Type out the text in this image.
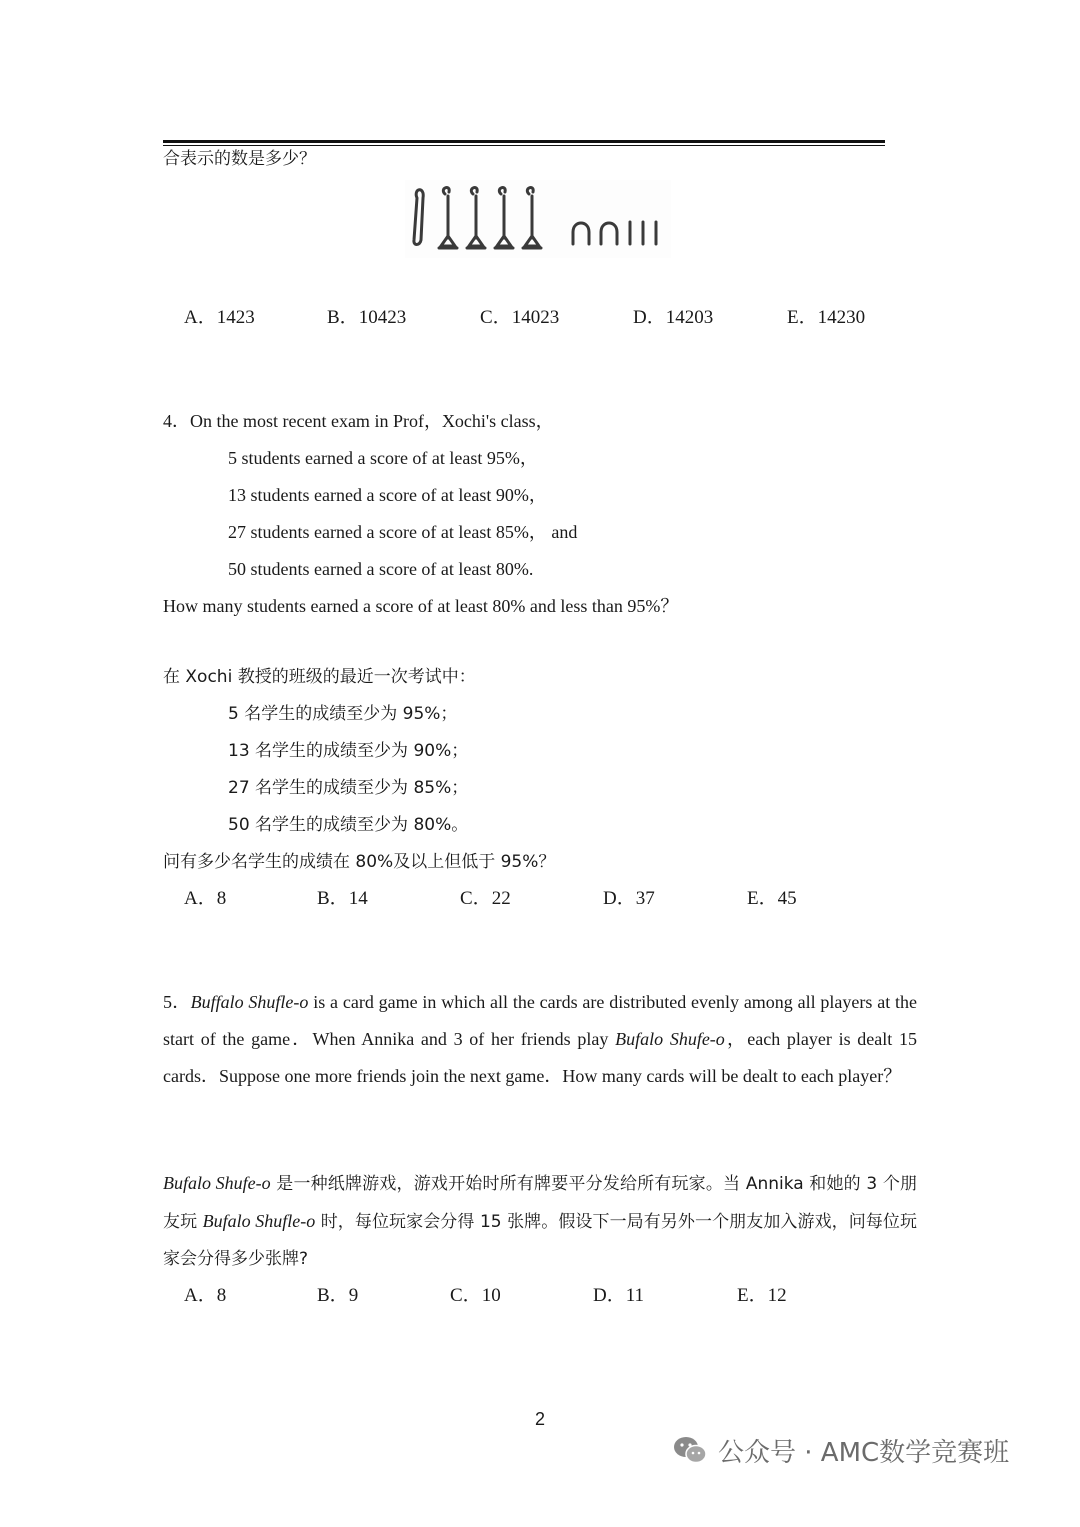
合表示的数是多少？
A．1423	B．10423	C．14023	D．14203	E．14230
4．On the most recent exam in Prof，Xochi's class，
5 students earned a score of at least 95%，
13 students earned a score of at least 90%，
27 students earned a score of at least 85%， and
50 students earned a score of at least 80%.
How many students earned a score of at least 80% and less than 95%？
在 Xochi 教授的班级的最近一次考试中：
5 名学生的成绩至少为 95%；
13 名学生的成绩至少为 90%；
27 名学生的成绩至少为 85%；
50 名学生的成绩至少为 80%。
问有多少名学生的成绩在 80%及以上但低于 95%？
A．8	B．14	C．22	D．37	E．45
5．Buffalo Shufle-o is a card game in which all the cards are distributed evenly among all players at the start of the game．When Annika and 3 of her friends play Bufalo Shufe-o，each player is dealt 15 cards．Suppose one more friends join the next game．How many cards will be dealt to each player？
Bufalo Shufe-o 是一种纸牌游戏，游戏开始时所有牌要平分发给所有玩家。当 Annika 和她的 3 个朋友玩 Bufalo Shufle-o 时，每位玩家会分得 15 张牌。假设下一局有另外一个朋友加入游戏，问每位玩家会分得多少张牌?
A．8	B．9	C．10	D．11	E．12
2
公众号 · AMC数学竞赛班
